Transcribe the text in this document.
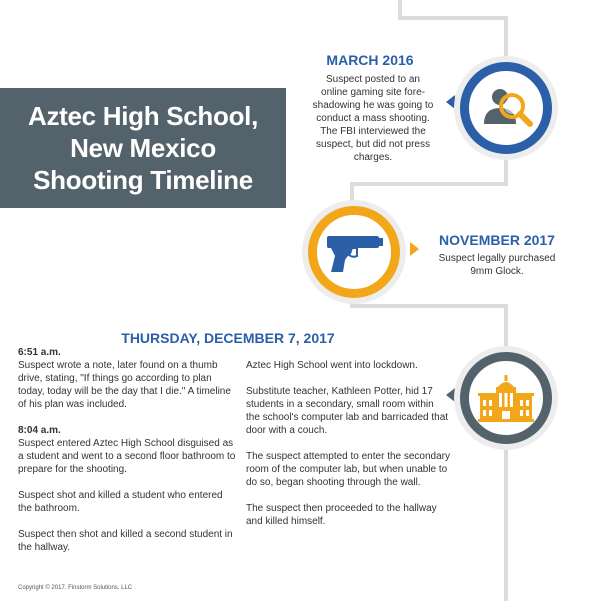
Aztec High School,
New Mexico
Shooting Timeline
MARCH 2016
Suspect posted to an online gaming site fore-shadowing he was going to conduct a mass shooting. The FBI interviewed the suspect, but did not press charges.
NOVEMBER 2017
Suspect legally purchased 9mm Glock.
THURSDAY, DECEMBER 7, 2017
6:51 a.m.

Suspect wrote a note, later found on a thumb drive, stating, "If things go according to plan today, today will be the day that I die." A timeline of his plan was included.

8:04 a.m.

Suspect entered Aztec High School disguised as a student and went to a second floor bathroom to prepare for the shooting.

Suspect shot and killed a student who entered the bathroom.

Suspect then shot and killed a second student in the hallway.

Aztec High School went into lockdown.

Substitute teacher, Kathleen Potter, hid 17 students in a secondary, small room within the school's computer lab and barricaded that door with a couch.

The suspect attempted to enter the secondary room of the computer lab, but when unable to do so, began shooting through the wall.

The suspect then proceeded to the hallway and killed himself.

Copyright © 2017. Finstorm Solutions, LLC
